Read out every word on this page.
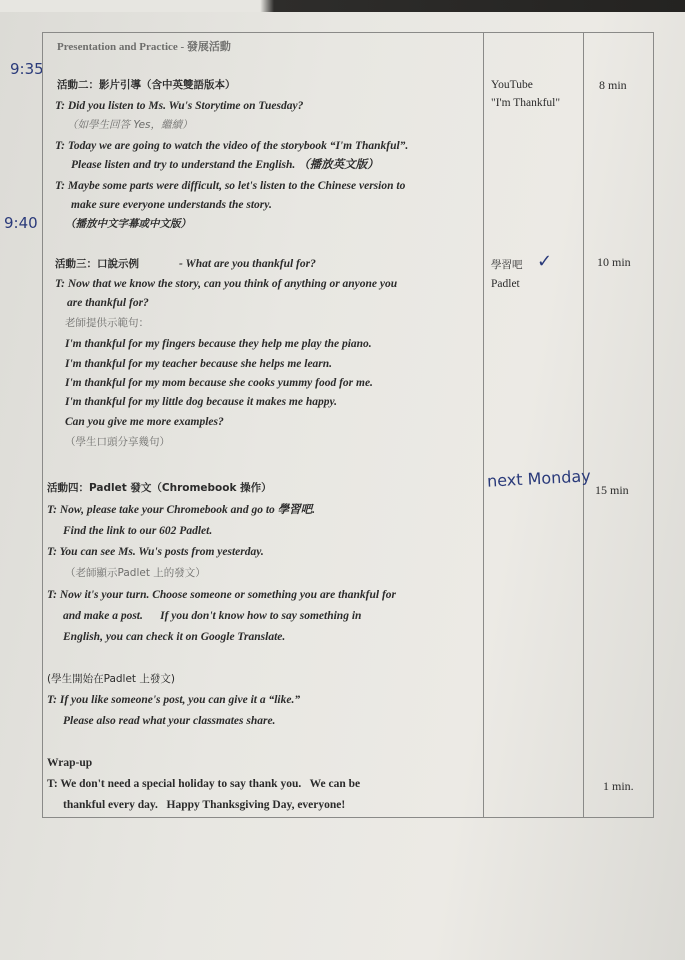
9:35
9:40
Presentation and Practice - 發展活動
活動二：影片引導（含中英雙語版本）
T: Did you listen to Ms. Wu's Storytime on Tuesday?
（如學生回答 Yes，繼續）
T: Today we are going to watch the video of the storybook “I'm Thankful”.
Please listen and try to understand the English. （播放英文版）
T: Maybe some parts were difficult, so let's listen to the Chinese version to
make sure everyone understands the story.
（播放中文字幕或中文版）
YouTube
"I'm Thankful"
8 min
活動三：口說示例	- What are you thankful for?
T: Now that we know the story, can you think of anything or anyone you
are thankful for?
老師提供示範句：
I'm thankful for my fingers because they help me play the piano.
I'm thankful for my teacher because she helps me learn.
I'm thankful for my mom because she cooks yummy food for me.
I'm thankful for my little dog because it makes me happy.
Can you give me more examples?
（學生口頭分享幾句）
學習吧 ✓
Padlet
10 min
活動四：Padlet 發文（Chromebook 操作）
T: Now, please take your Chromebook and go to 學習吧.
Find the link to our 602 Padlet.
T: You can see Ms. Wu's posts from yesterday.
（老師顯示Padlet 上的發文）
T: Now it's your turn. Choose someone or something you are thankful for
and make a post.      If you don't know how to say something in
English, you can check it on Google Translate.
(學生開始在Padlet 上發文)
T: If you like someone's post, you can give it a “like.”
Please also read what your classmates share.
next Monday 15 min
Wrap-up
T: We don't need a special holiday to say thank you.   We can be
thankful every day.   Happy Thanksgiving Day, everyone!
1 min.
